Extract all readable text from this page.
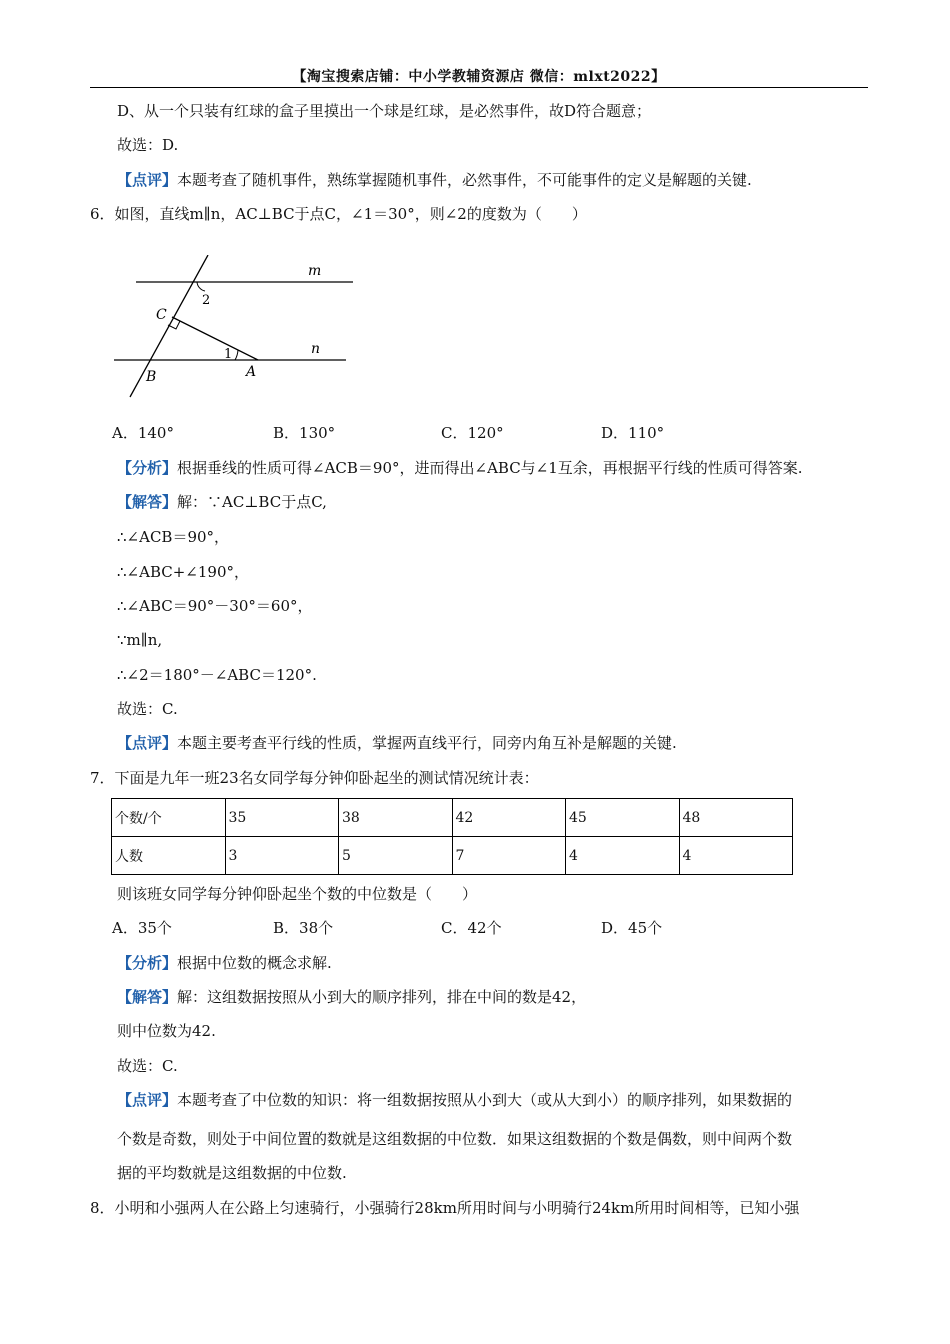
【淘宝搜索店铺：中小学教辅资源店 微信：mlxt2022】
D、从一个只装有红球的盒子里摸出一个球是红球，是必然事件，故D符合题意；
故选：D.
【点评】本题考查了随机事件，熟练掌握随机事件，必然事件，不可能事件的定义是解题的关键.
6．如图，直线m∥n，AC⊥BC于点C，∠1＝30°，则∠2的度数为（　　）
m
n
C
B	A
1
2
A．140°	B．130°	C．120°	D．110°
【分析】根据垂线的性质可得∠ACB＝90°，进而得出∠ABC与∠1互余，再根据平行线的性质可得答案.
【解答】解：∵AC⊥BC于点C,
∴∠ACB＝90°，
∴∠ABC+∠190°，
∴∠ABC＝90°－30°＝60°，
∵m∥n,
∴∠2＝180°－∠ABC＝120°.
故选：C.
【点评】本题主要考查平行线的性质，掌握两直线平行，同旁内角互补是解题的关键.
7．下面是九年一班23名女同学每分钟仰卧起坐的测试情况统计表：
个数/个	35	38	42	45	48
人数	3	5	7	4	4
则该班女同学每分钟仰卧起坐个数的中位数是（　　）
A．35个	B．38个	C．42个	D．45个
【分析】根据中位数的概念求解.
【解答】解：这组数据按照从小到大的顺序排列，排在中间的数是42，
则中位数为42.
故选：C.
【点评】本题考查了中位数的知识：将一组数据按照从小到大（或从大到小）的顺序排列，如果数据的
个数是奇数，则处于中间位置的数就是这组数据的中位数．如果这组数据的个数是偶数，则中间两个数
据的平均数就是这组数据的中位数.
8．小明和小强两人在公路上匀速骑行，小强骑行28km所用时间与小明骑行24km所用时间相等，已知小强
